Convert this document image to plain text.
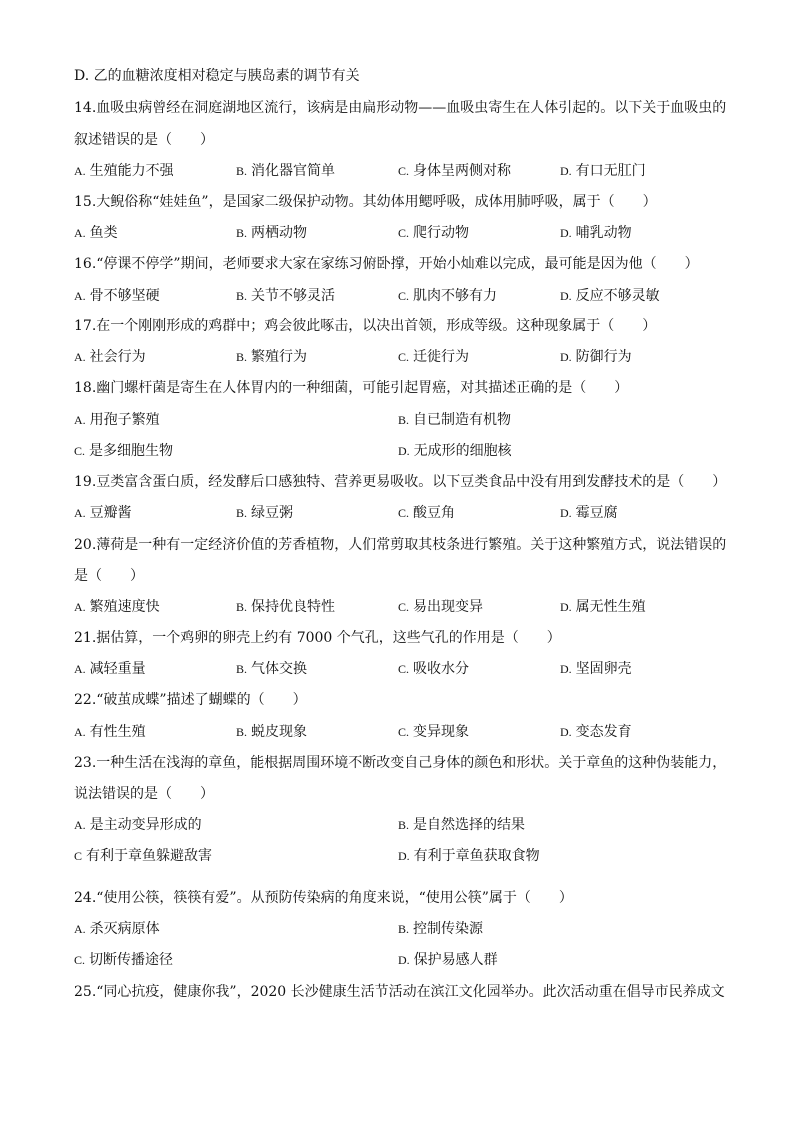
D. 乙的血糖浓度相对稳定与胰岛素的调节有关
14.血吸虫病曾经在洞庭湖地区流行，该病是由扁形动物——血吸虫寄生在人体引起的。以下关于血吸虫的
叙述错误的是（　　）
A. 生殖能力不强	B. 消化器官简单	C. 身体呈两侧对称	D. 有口无肛门
15.大鲵俗称“娃娃鱼”，是国家二级保护动物。其幼体用鳃呼吸，成体用肺呼吸，属于（　　）
A. 鱼类	B. 两栖动物	C. 爬行动物	D. 哺乳动物
16.“停课不停学”期间，老师要求大家在家练习俯卧撑，开始小灿难以完成，最可能是因为他（　　）
A. 骨不够坚硬	B. 关节不够灵活	C. 肌肉不够有力	D. 反应不够灵敏
17.在一个刚刚形成的鸡群中；鸡会彼此啄击，以决出首领，形成等级。这种现象属于（　　）
A. 社会行为	B. 繁殖行为	C. 迁徙行为	D. 防御行为
18.幽门螺杆菌是寄生在人体胃内的一种细菌，可能引起胃癌，对其描述正确的是（　　）
A. 用孢子繁殖	B. 自已制造有机物
C. 是多细胞生物	D. 无成形的细胞核
19.豆类富含蛋白质，经发酵后口感独特、营养更易吸收。以下豆类食品中没有用到发酵技术的是（　　）
A. 豆瓣酱	B. 绿豆粥	C. 酸豆角	D. 霉豆腐
20.薄荷是一种有一定经济价值的芳香植物，人们常剪取其枝条进行繁殖。关于这种繁殖方式，说法错误的
是（　　）
A. 繁殖速度快	B. 保持优良特性	C. 易出现变异	D. 属无性生殖
21.据估算，一个鸡卵的卵壳上约有 7000 个气孔，这些气孔的作用是（　　）
A. 减轻重量	B. 气体交换	C. 吸收水分	D. 坚固卵壳
22.“破茧成蝶”描述了蝴蝶的（　　）
A. 有性生殖	B. 蜕皮现象	C. 变异现象	D. 变态发育
23.一种生活在浅海的章鱼，能根据周围环境不断改变自己身体的颜色和形状。关于章鱼的这种伪装能力，
说法错误的是（　　）
A. 是主动变异形成的	B. 是自然选择的结果
C 有利于章鱼躲避敌害	D. 有利于章鱼获取食物
24.“使用公筷，筷筷有爱”。从预防传染病的角度来说，“使用公筷”属于（　　）
A. 杀灭病原体	B. 控制传染源
C. 切断传播途径	D. 保护易感人群
25.“同心抗疫，健康你我”，2020 长沙健康生活节活动在滨江文化园举办。此次活动重在倡导市民养成文
